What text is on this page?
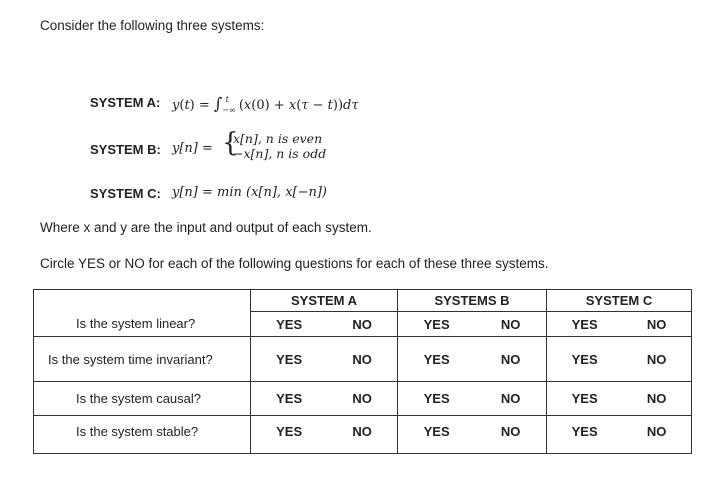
Consider the following three systems:
SYSTEM A: $y(t) = \int_{-\infty}^t$ (x(0) + x(τ − t))dτ
SYSTEM B: y[n] = {
x[n], n is even
−x[n], n is odd
SYSTEM C: y[n] = min (x[n], x[−n])
Where x and y are the input and output of each system.
Circle YES or NO for each of the following questions for each of these three systems.
	SYSTEM A	SYSTEMS B	SYSTEM C
Is the system linear?	YES NO	YES NO	YES NO

Is the system time invariant?	YES NO	YES NO	YES NO

Is the system causal?	YES NO	YES NO	YES NO

Is the system stable?	YES NO	YES NO	YES NO
